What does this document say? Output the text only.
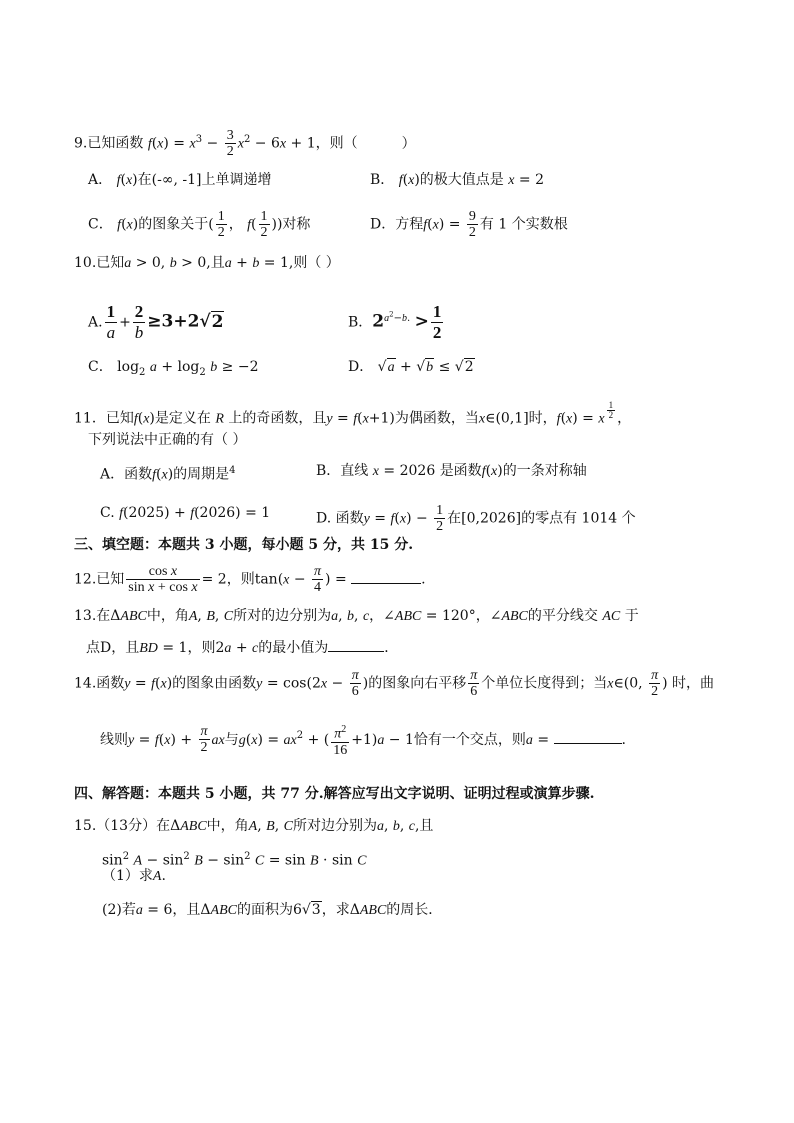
9.已知函数 $f(x) = x^3 - \frac{3}{2} x^2 - 6x + 1$，则（	）
A． f(x)在(-∞, -1]上单调递增	B． f(x)的极大值点是 x = 2
C． f(x)的图象关于( $\frac{1}{2}$ ， $f( \frac{1}{2}$ ))对称	D．方程$f(x) = \frac{9}{2}$ 有 1 个实数根
10.已知a > 0, b > 0,且a + b = 1,则（ ）
A. $\frac{1}{a} + \frac{2}{b} \ge 3+2√2$	B．$2^{a^2-b.} > \frac{1}{2}$
C． $\log_2 a + \log_2 b \ge -2$	D． √a + √b ≤ √2
11．已知f(x)是定义在 R 上的奇函数，且y = f(x+1)为偶函数，当x∈(0,1]时，f(x) = x $^{\frac{1}{2}}$ ，
下列说法中正确的有（ ）
A．函数f(x)的周期是$^4$	B．直线 x = 2026 是函数f(x)的一条对称轴
C. f(2025) + f(2026) = 1	D. 函数$y = f(x) - \frac{1}{2}$ 在[0,2026]的零点有 1014 个
三、填空题：本题共 3 小题，每小题 5 分，共 15 分.
12.已知 $\frac{\text{cos x}}{\text{sin x + cos x}} = 2$，则$\tan(x - \frac{\pi}{4}$ ) =	.
13.在ΔABC中，角A, B, C所对的边分别为a, b, c，∠ABC = 120°，∠ABC的平分线交 AC 于
点D，且BD = 1，则2a + c的最小值为	．
14.函数y = f(x)的图象由函数$y = \cos(2x - \frac{\pi}{6}$ )的图象向右平移 $\frac{\pi}{6}$ 个单位长度得到；当x∈(0, $\frac{\pi}{2}$ ) 时，曲
线则$y = f(x) + \frac{\pi}{2}$ ax与$g(x) = ax^2$ + ( $\frac{\pi^2}{16} +1)a - 1$恰有一个交点，则a =	.
四、解答题：本题共 5 小题，共 77 分.解答应写出文字说明、证明过程或演算步骤.
15.（13分）在ΔABC中，角A, B, C所对边分别为a, b, c,且
$\sin^2 A - \sin^2 B - \sin^2 C = \sin B \cdot \sin C$
（1）求A.
(2)若a = 6，且ΔABC的面积为6√3，求ΔABC的周长．
